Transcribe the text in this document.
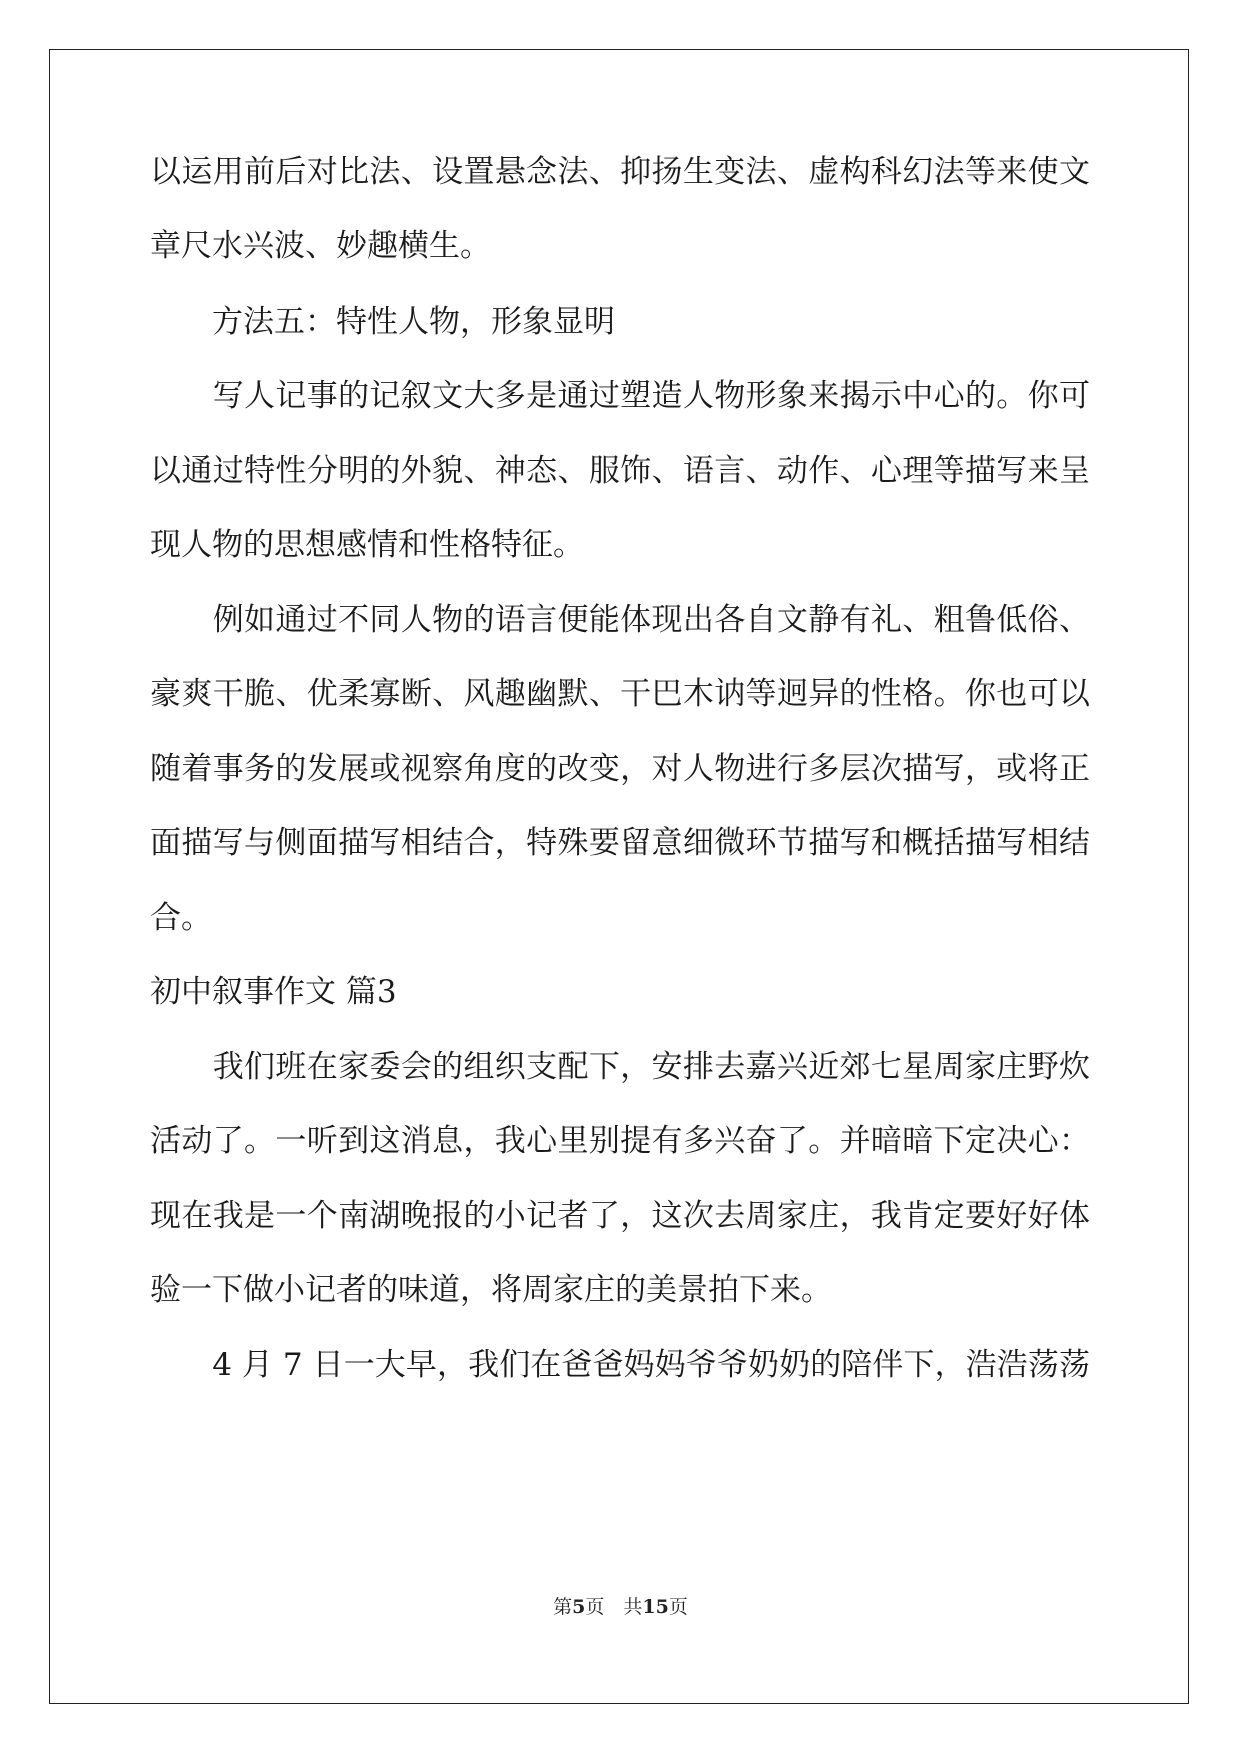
以运用前后对比法、设置悬念法、抑扬生变法、虚构科幻法等来使文
章尺水兴波、妙趣横生。
　　方法五：特性人物，形象显明
　　写人记事的记叙文大多是通过塑造人物形象来揭示中心的。你可
以通过特性分明的外貌、神态、服饰、语言、动作、心理等描写来呈
现人物的思想感情和性格特征。
　　例如通过不同人物的语言便能体现出各自文静有礼、粗鲁低俗、
豪爽干脆、优柔寡断、风趣幽默、干巴木讷等迥异的性格。你也可以
随着事务的发展或视察角度的改变，对人物进行多层次描写，或将正
面描写与侧面描写相结合，特殊要留意细微环节描写和概括描写相结
合。
初中叙事作文 篇3
　　我们班在家委会的组织支配下，安排去嘉兴近郊七星周家庄野炊
活动了。一听到这消息，我心里别提有多兴奋了。并暗暗下定决心：
现在我是一个南湖晚报的小记者了，这次去周家庄，我肯定要好好体
验一下做小记者的味道，将周家庄的美景拍下来。
　　4 月 7 日一大早，我们在爸爸妈妈爷爷奶奶的陪伴下，浩浩荡荡
第5页　 共15页
